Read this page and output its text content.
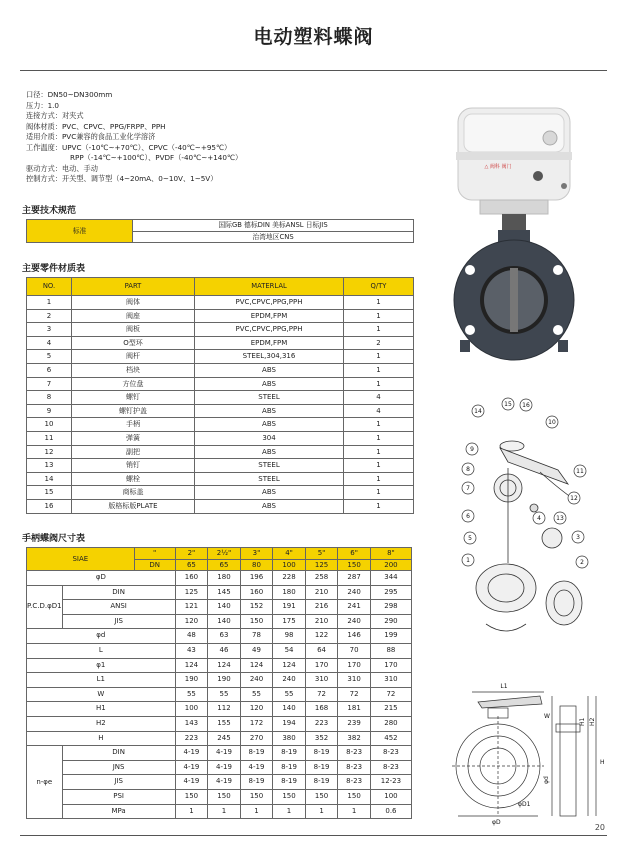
电动塑料蝶阀
口径：DN50~DN300mm
压力：1.0
连接方式：对夹式
阀体材质：PVC、CPVC、PPG/FRPP、PPH
适用介质：PVC兼容的食品工业化学溶济
工作温度：UPVC（-10℃~+70℃）、CPVC（-40℃~+95℃）
RPP（-14℃~+100℃）、PVDF（-40℃~+140℃）
驱动方式：电动、手动
控制方式：开关型、调节型（4~20mA、0~10V、1~5V）
主要技术规范
标准	国际GB 德标DIN 美标ANSL 日标JIS
治湾地区CNS
主要零件材质表
NO.	PART	MATERLAL	Q/TY
1	阀体	PVC,CPVC,PPG,PPH	1
2	阀座	EPDM,FPM	1
3	阀板	PVC,CPVC,PPG,PPH	1
4	O型环	EPDM,FPM	2
5	阀杆	STEEL,304,316	1
6	档块	ABS	1
7	方位盘	ABS	1
8	螺钉	STEEL	4
9	螺钉护盖	ABS	4
10	手柄	ABS	1
11	弹簧	304	1
12	副把	ABS	1
13	销钉	STEEL	1
14	螺栓	STEEL	1
15	商标盖	ABS	1
16	版格标版PLATE	ABS	1
手柄蝶阀尺寸表
SIAE		"	2"	2½"	3"	4"	5"	6"	8"
		DN	65	65	80	100	125	150	200
φD			160	180	196	228	258	287	344
P.C.D.φD1	DIN		125	145	160	180	210	240	295
	ANSI		121	140	152	191	216	241	298
	JIS		120	140	150	175	210	240	290
φd			48	63	78	98	122	146	199
L			43	46	49	54	64	70	88
φ1			124	124	124	124	170	170	170
L1			190	190	240	240	310	310	310
W			55	55	55	55	72	72	72
H1			100	112	120	140	168	181	215
H2			143	155	172	194	223	239	280
H			223	245	270	380	352	382	452
n-φe	DIN		4-19	4-19	8-19	8-19	8-19	8-23	8-23
	JNS		4-19	4-19	4-19	8-19	8-19	8-23	8-23
	JIS		4-19	4-19	8-19	8-19	8-19	8-23	12-23
	PSI		150	150	150	150	150	150	100
	MPa		1	1	1	1	1	1	0.6
△ 阀科 阀门
14
15 16
10
9
8
7
11
12
6	4	13
5	3
1	2
L1
W
H1 H2
H
φD1
φD
φd
20
